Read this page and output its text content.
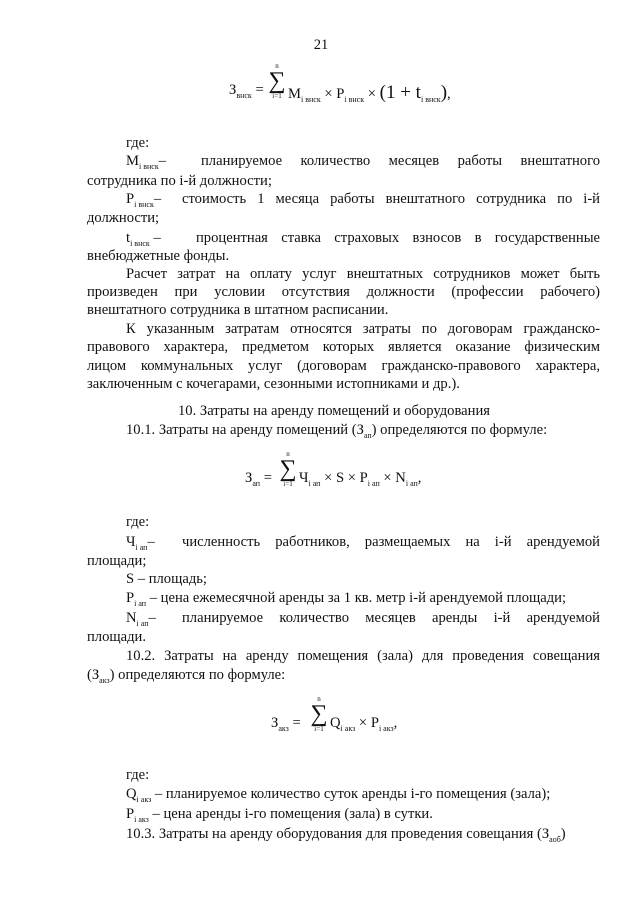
21
$З_{внск}$ =
n
∑
i=1 $M_{i внск} \times P_{i внск} \times (1 + t_{i внск})$,
где:
$M_{i внск}-$	планируемое количество месяцев работы внештатного
сотрудника по i-й должности;
$P_{i внск}-$ стоимость 1 месяца работы внештатного сотрудника по i-й
должности;
$t_{i внск}$ – процентная ставка страховых взносов в государственные
внебюджетные фонды.
Расчет затрат на оплату услуг внештатных сотрудников может быть
произведен при условии отсутствия должности (профессии рабочего)
внештатного сотрудника в штатном расписании.
К указанным затратам относятся затраты по договорам гражданско-
правового характера, предметом которых является оказание физическим
лицом коммунальных услуг (договорам гражданско-правового характера,
заключенным с кочегарами, сезонными истопниками и др.).
10. Затраты на аренду помещений и оборудования
10.1. Затраты на аренду помещений $(З_{ап})$ определяются по формуле:
$З_{ап}$ =
n
∑
i=1 $Ч_{i ап} \times S \times P_{i ап} \times N_{i ап}$,
где:
$Ч_{i ап}-$ численность работников, размещаемых на i-й арендуемой
площади;
S – площадь;
$P_{i ап}$ – цена ежемесячной аренды за 1 кв. метр i-й арендуемой площади;
$N_{i ап}-$ планируемое количество месяцев аренды i-й арендуемой
площади.
10.2. Затраты на аренду помещения (зала) для проведения совещания
$(З_{акз})$ определяются по формуле:
$З_{акз}$ =
n
∑
i=1 $Q_{i акз} \times P_{i акз}$,
где:
$Q_{i акз}$ – планируемое количество суток аренды i-го помещения (зала);
$P_{i акз}$ – цена аренды i-го помещения (зала) в сутки.
10.3. Затраты на аренду оборудования для проведения совещания $(З_{аоб})$
